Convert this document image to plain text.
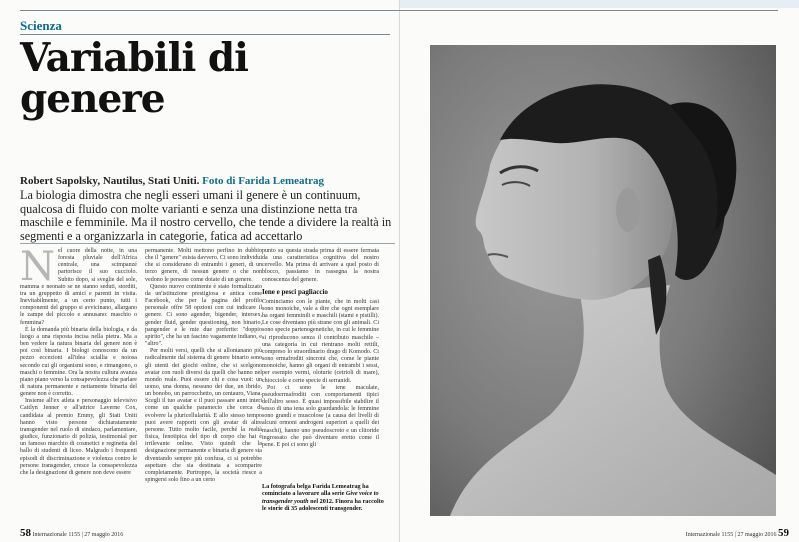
Scienza
Variabili di genere
Robert Sapolsky, Nautilus, Stati Uniti. Foto di Farida Lemeatrag
La biologia dimostra che negli esseri umani il genere è un continuum, qualcosa di fluido con molte varianti e senza una distinzione netta tra maschile e femminile. Ma il nostro cervello, che tende a dividere la realtà in segmenti e a organizzarla in categorie, fatica ad accettarlo
N el cuore della notte, in una foresta pluviale dell'Africa centrale, una scimpanzé partorisce il suo cucciolo. Subito dopo, si sveglie del sole, mamma e neonato se ne stanno seduti, storditi, tra un gruppetto di amici e parenti in visita. Inevitabilmente, a un certo punto, tutti i componenti del gruppo si avvicinano, allargano le zampe del piccolo e annusano: maschio o femmina?

È la domanda più binaria della biologia, e da luogo a una risposta incisa nella pietra. Ma a ben vedere la natura binaria del genere non è poi così binaria. I biologi conoscono da un pezzo eccezioni all'idea sciallia e noiosa secondo cui gli organismi sono, e rimangono, o maschi o femmine. Ora la nostra cultura avanza piano piano verso la consapevolezza che parlare di natura permanente e nettamente binaria del genere non è corretto.

Insieme all'ex atleta e personaggio televisivo Caitlyn Jenner e all'attrice Laverne Cox, candidata al premio Emmy, gli Stati Uniti hanno visto persone dichiaratamente transgender nel ruolo di sindaco, parlamentare, giudice, funzionario di polizia, testimonial per un famoso marchio di cosmetici e reginetta del ballo di studenti di liceo. Malgrado i frequenti episodi di discriminazione e violenza contro le persone transgender, cresce la consapevolezza che la designazione di genere non deve essere

permanente. Molti mettono perfino in dubbio che il "genere" esista davvero. Ci sono individui che si considerano di entrambi i generi, di un terzo genere, di nessun genere o che non vedono le persone come dotate di un genere.

Questo nuovo continente è stato formalizzato da un'istituzione prestigiosa e antica come Facebook, che per la pagina del profilo personale offre 58 opzioni con cui indicare il genere. Ci sono agender, bigender, intersex, gender fluid, gender questioning, non binario, pangender e le mie due preferite: "doppio spirito", che ha un fascino vagamente indiano, e "altro".

Per molti versi, quelli che si allontanano più radicalmente dal sistema di genere binario sono gli utenti dei giochi online, che si scelgono avatar con ruoli diversi da quelli che hanno nel mondo reale. Puoi essere chi e cosa vuoi: un uomo, una donna, nessuno dei due, un ibrido, un bonobo, un parrocchetto, un centauro, Viana. Scegli il tuo avatar e il puoi passare anni interi come un qualche paramecio che cerca di evolvere la pluricellularità. E allo stesso tempo puoi avere rapporti con gli avatar di altre persone. Tutto molto facile, perché la realtà fisica, fenotipica del tipo di corpo che hai è irrilevante online. Visto quindi che la designazione permanente e binaria di genere sta diventando sempre più confusa, ci si potrebbe aspettare che sia destinata a scomparire completamente. Purtroppo, la società riesce a spingersi solo fino a un certo

punto su questa strada prima di essere fermata da una caratteristica cognitiva del nostro cervello. Ma prima di arrivare a quel posto di blocco, passiamo in rassegna la nostra conoscenza del genere.

Iene e pesci pagliaccio

Cominciamo con le piante, che in molti casi sono monoiche, vale a dire che ogni esemplare ha organi femminili e maschili (stami e pistilli). Le cose diventano più strane con gli animali. Ci sono specie partenogenetiche, in cui le femmine si riproducono senza il contributo maschile – una categoria in cui rientrano molti rettili, compreso lo straordinario drago di Komodo. Ci sono ermafroditi sincroni che, come le piante monoiche, hanno gli organi di entrambi i sessi, per esempio vermi, oloturie (cetrioli di mare), chiocciole e certe specie di serranidi.

Poi ci sono le iene maculate, pseudoermafroditi con comportamenti tipici dell'altro sesso. È quasi impossibile stabilire il sesso di una iena solo guardandola: le femmine sono grandi e muscolose (a causa dei livelli di alcuni ormoni androgeni superiori a quelli dei maschi), hanno uno pseudoscroto e un clitoride ingrossato che può diventare eretto come il pene. E poi ci sono gli

La fotografa belga Farida Lemeatrag ha cominciato a lavorare alla serie Give voice to transgender youth nel 2012. Finora ha raccolto le storie di 35 adolescenti transgender.
58 Internazionale 1155 | 27 maggio 2016	Internazionale 1155 | 27 maggio 2016 59
